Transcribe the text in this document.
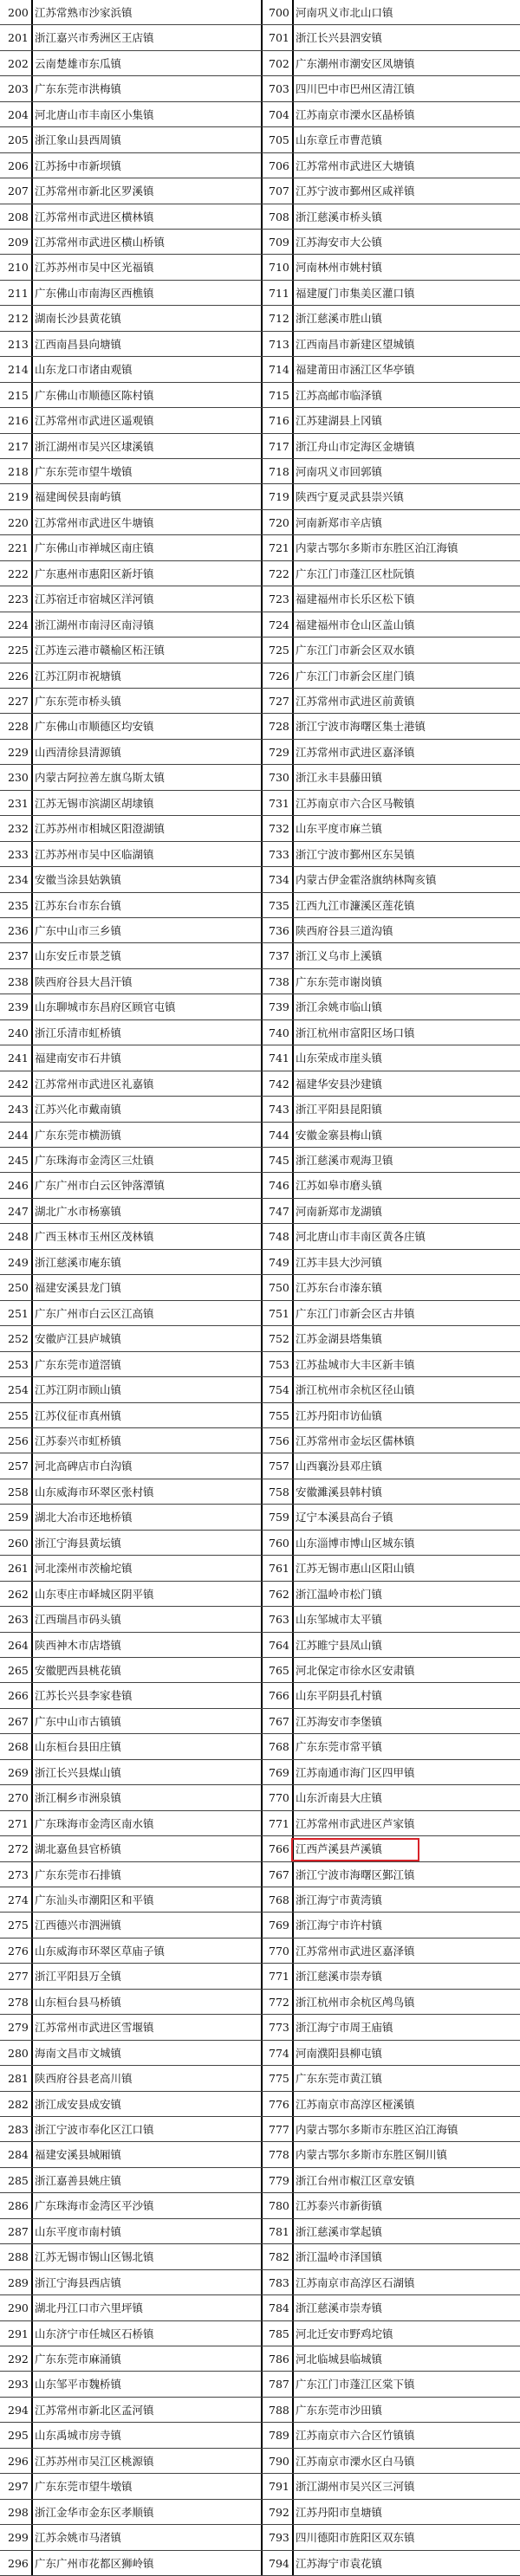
200 江苏常熟市沙家浜镇
201 浙江嘉兴市秀洲区王店镇
202 云南楚雄市东瓜镇
203 广东东莞市洪梅镇
204 河北唐山市丰南区小集镇
205 浙江象山县西周镇
206 江苏扬中市新坝镇
207 江苏常州市新北区罗溪镇
208 江苏常州市武进区横林镇
209 江苏常州市武进区横山桥镇
210 江苏苏州市吴中区光福镇
211 广东佛山市南海区西樵镇
212 湖南长沙县黄花镇
213 江西南昌县向塘镇
214 山东龙口市诸由观镇
215 广东佛山市顺德区陈村镇
216 江苏常州市武进区遥观镇
217 浙江湖州市吴兴区埭溪镇
218 广东东莞市望牛墩镇
219 福建闽侯县南屿镇
220 江苏常州市武进区牛塘镇
221 广东佛山市禅城区南庄镇
222 广东惠州市惠阳区新圩镇
223 江苏宿迁市宿城区洋河镇
224 浙江湖州市南浔区南浔镇
225 江苏连云港市赣榆区柘汪镇
226 江苏江阴市祝塘镇
227 广东东莞市桥头镇
228 广东佛山市顺德区均安镇
229 山西清徐县清源镇
230 内蒙古阿拉善左旗乌斯太镇
231 江苏无锡市滨湖区胡埭镇
232 江苏苏州市相城区阳澄湖镇
233 江苏苏州市吴中区临湖镇
234 安徽当涂县姑孰镇
235 江苏东台市东台镇
236 广东中山市三乡镇
237 山东安丘市景芝镇
238 陕西府谷县大昌汗镇
239 山东聊城市东昌府区顾官屯镇
240 浙江乐清市虹桥镇
241 福建南安市石井镇
242 江苏常州市武进区礼嘉镇
243 江苏兴化市戴南镇
244 广东东莞市横沥镇
245 广东珠海市金湾区三灶镇
246 广东广州市白云区钟落潭镇
247 湖北广水市杨寨镇
248 广西玉林市玉州区茂林镇
249 浙江慈溪市庵东镇
250 福建安溪县龙门镇
251 广东广州市白云区江高镇
252 安徽庐江县庐城镇
253 广东东莞市道滘镇
254 江苏江阴市顾山镇
255 江苏仪征市真州镇
256 江苏泰兴市虹桥镇
257 河北高碑店市白沟镇
258 山东威海市环翠区张村镇
259 湖北大冶市还地桥镇
260 浙江宁海县黄坛镇
261 河北滦州市茨榆坨镇
262 山东枣庄市峄城区阴平镇
263 江西瑞昌市码头镇
264 陕西神木市店塔镇
265 安徽肥西县桃花镇
266 江苏长兴县李家巷镇
267 广东中山市古镇镇
268 山东桓台县田庄镇
269 浙江长兴县煤山镇
270 浙江桐乡市洲泉镇
271 广东珠海市金湾区南水镇
272 湖北嘉鱼县官桥镇
273 广东东莞市石排镇
274 广东汕头市潮阳区和平镇
275 江西德兴市泗洲镇
276 山东威海市环翠区草庙子镇
277 浙江平阳县万全镇
278 山东桓台县马桥镇
279 江苏常州市武进区雪堰镇
280 海南文昌市文城镇
281 陕西府谷县老高川镇
282 浙江成安县成安镇
283 浙江宁波市奉化区江口镇
284 福建安溪县城厢镇
285 浙江嘉善县姚庄镇
286 广东珠海市金湾区平沙镇
287 山东平度市南村镇
288 江苏无锡市锡山区锡北镇
289 浙江宁海县西店镇
290 湖北丹江口市六里坪镇
291 山东济宁市任城区石桥镇
292 广东东莞市麻涌镇
293 山东邹平市魏桥镇
294 江苏常州市新北区孟河镇
295 山东禹城市房寺镇
296 江苏苏州市吴江区桃源镇
297 广东东莞市望牛墩镇
298 浙江金华市金东区孝顺镇
299 江苏余姚市马渚镇
296 广东广州市花都区狮岭镇
700 河南巩义市北山口镇
701 浙江长兴县泗安镇
702 广东潮州市潮安区凤塘镇
703 四川巴中市巴州区清江镇
704 江苏南京市溧水区晶桥镇
705 山东章丘市曹范镇
706 江苏常州市武进区大塘镇
707 江苏宁波市鄞州区咸祥镇
708 浙江慈溪市桥头镇
709 江苏海安市大公镇
710 河南林州市姚村镇
711 福建厦门市集美区灌口镇
712 浙江慈溪市胜山镇
713 江西南昌市新建区望城镇
714 福建莆田市涵江区华亭镇
715 江苏高邮市临泽镇
716 江苏建湖县上冈镇
717 浙江舟山市定海区金塘镇
718 河南巩义市回郭镇
719 陕西宁夏灵武县崇兴镇
720 河南新郑市辛店镇
721 内蒙古鄂尔多斯市东胜区泊江海镇
722 广东江门市蓬江区杜阮镇
723 福建福州市长乐区松下镇
724 福建福州市仓山区盖山镇
725 广东江门市新会区双水镇
726 广东江门市新会区崖门镇
727 江苏常州市武进区前黄镇
728 浙江宁波市海曙区集士港镇
729 江苏常州市武进区嘉泽镇
730 浙江永丰县藤田镇
731 江苏南京市六合区马鞍镇
732 山东平度市麻兰镇
733 浙江宁波市鄞州区东吴镇
734 内蒙古伊金霍洛旗纳林陶亥镇
735 江西九江市濂溪区莲花镇
736 陕西府谷县三道沟镇
737 浙江义乌市上溪镇
738 广东东莞市谢岗镇
739 浙江余姚市临山镇
740 浙江杭州市富阳区场口镇
741 山东荣成市崖头镇
742 福建华安县沙建镇
743 浙江平阳县昆阳镇
744 安徽金寨县梅山镇
745 浙江慈溪市观海卫镇
746 江苏如皋市磨头镇
747 河南新郑市龙湖镇
748 河北唐山市丰南区黄各庄镇
749 江苏丰县大沙河镇
750 江苏东台市溱东镇
751 广东江门市新会区古井镇
752 江苏金湖县塔集镇
753 江苏盐城市大丰区新丰镇
754 浙江杭州市余杭区径山镇
755 江苏丹阳市访仙镇
756 江苏常州市金坛区儒林镇
757 山西襄汾县邓庄镇
758 安徽濉溪县韩村镇
759 辽宁本溪县高台子镇
760 山东淄博市博山区城东镇
761 江苏无锡市惠山区阳山镇
762 浙江温岭市松门镇
763 山东邹城市太平镇
764 江苏睢宁县凤山镇
765 河北保定市徐水区安肃镇
766 山东平阴县孔村镇
767 江苏海安市李堡镇
768 广东东莞市常平镇
769 江苏南通市海门区四甲镇
770 山东沂南县大庄镇
771 江苏常州市武进区芦家镇
766 江西芦溪县芦溪镇
767 浙江宁波市海曙区鄞江镇
768 浙江海宁市黄湾镇
769 浙江海宁市许村镇
770 江苏常州市武进区嘉泽镇
771 浙江慈溪市崇寿镇
772 浙江杭州市余杭区鸬鸟镇
773 浙江海宁市周王庙镇
774 河南濮阳县柳屯镇
775 广东东莞市黄江镇
776 江苏南京市高淳区桠溪镇
777 内蒙古鄂尔多斯市东胜区泊江海镇
778 内蒙古鄂尔多斯市东胜区铜川镇
779 浙江台州市椒江区章安镇
780 江苏泰兴市新街镇
781 浙江慈溪市掌起镇
782 浙江温岭市泽国镇
783 江苏南京市高淳区石湖镇
784 浙江慈溪市崇寿镇
785 河北迁安市野鸡坨镇
786 河北临城县临城镇
787 广东江门市蓬江区棠下镇
788 广东东莞市沙田镇
789 江苏南京市六合区竹镇镇
790 江苏南京市溧水区白马镇
791 浙江湖州市吴兴区三河镇
792 江苏丹阳市皇塘镇
793 四川德阳市旌阳区双东镇
794 江苏海宁市袁花镇
